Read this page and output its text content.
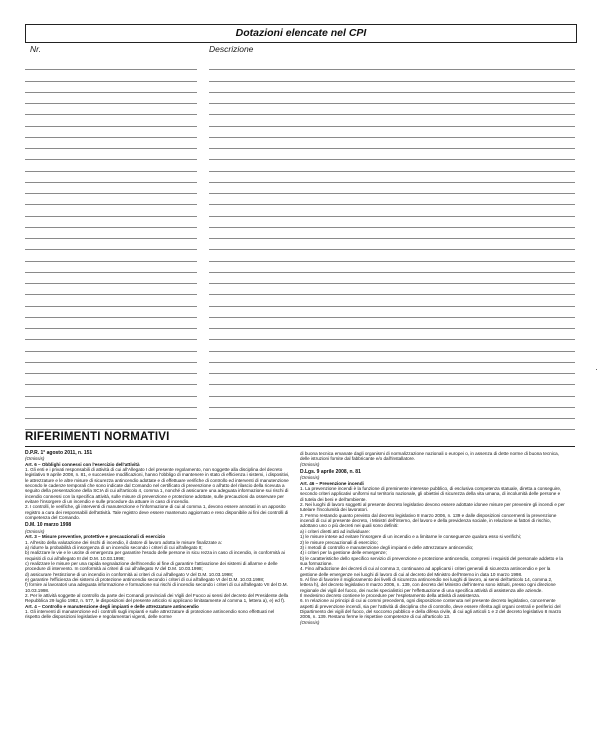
Dotazioni elencate nel CPI
Nr.	Descrizione
RIFERIMENTI NORMATIVI

D.P.R. 1° agosto 2011, n. 151

(Omissis)

Art. 6 – Obblighi connessi con l'esercizio dell'attività

1. Gli enti e i privati responsabili di attività di cui all'Allegato I del presente regolamento, non soggette alla disciplina del decreto legislativo 9 aprile 2008, n. 81, e successive modificazioni, hanno l'obbligo di mantenere in stato di efficienza i sistemi, i dispositivi, le attrezzature e le altre misure di sicurezza antincendio adottate e di effettuare verifiche di controllo ed interventi di manutenzione secondo le cadenze temporali che sono indicate dal Comando nel certificato di prevenzione o all'atto del rilascio della ricevuta a seguito della presentazione della SCIA di cui all'articolo 4, comma 1, nonché di assicurare una adeguata informazione sui rischi di incendio connessi con la specifica attività, sulle misure di prevenzione e protezione adottate, sulle precauzioni da osservare per evitare l'insorgere di un incendio e sulle procedure da attuare in caso di incendio.

2. I controlli, le verifiche, gli interventi di manutenzione e l'informazione di cui al comma 1, devono essere annotati in un apposito registro a cura dei responsabili dell'attività. Tale registro deve essere mantenuto aggiornato e reso disponibile ai fini dei controlli di competenza del Comando.

D.M. 10 marzo 1998

(Omissis)

Art. 3 – Misure preventive, protettive e precauzionali di esercizio

1. All'esito della valutazione dei rischi di incendio, il datore di lavoro adotta le misure finalizzate a:

a) ridurre la probabilità di insorgenza di un incendio secondo i criteri di cui all'allegato II;

b) realizzare le vie e le uscite di emergenza per garantire l'esodo delle persone in sicu rezza in caso di incendio, in conformità ai requisiti di cui all'allegato III del D.M. 10.03.1998;

c) realizzare le misure per una rapida segnalazione dell'incendio al fine di garantire l'attivazione dei sistemi di allarme e delle procedure di intervento. In conformità ai criteri di cui all'allegato IV del D.M. 10.03.1998;

d) assicurare l'estinzione di un incendio in conformità ai criteri di cui all'allegato V del D.M. 10.03.1998;

e) garantire l'efficienza dei sistemi di protezione antincendio secondo i criteri di cui all'allegato VI del D.M. 10.03.1998;

f) fornire ai lavoratori una adeguata informazione e formazione sui rischi di incendio secondo i criteri di cui all'allegato VII del D.M. 10.03.1998.

2. Per le attività soggette al controllo da parte dei Comandi provinciali dei Vigili del Fuoco ai sensi del decreto del Presidente della Repubblica 29 luglio 1982, n. 577, le disposizioni del presente articolo si applicano limitatamente al comma 1, lettera a), e) ed f).

Art. 4 – Controllo e manutenzione degli impianti e delle attrezzature antincendio

1. Gli interventi di manutenzione ed i controlli sugli impianti e sulle attrezzature di protezione antincendio sono effettuati nel rispetto delle disposizioni legislative e regolamentari vigenti, delle norme

di buona tecnica emanate dagli organismi di normalizzazione nazionali o europei o, in assenza di dette norme di buona tecnica, delle istruzioni fornite dal fabbricante e/o dall'installatore.

(Omissis)

D.Lgs. 9 aprile 2008, n. 81

(Omissis)

Art. 46 – Prevenzione incendi

1. La prevenzione incendi è la funzione di preminente interesse pubblico, di esclusiva competenza statuale, diretta a conseguire, secondo criteri applicativi uniformi sul territorio nazionale, gli obiettivi di sicurezza della vita umana, di incolumità delle persone e di tutela dei beni e dell'ambiente.

2. Nei luoghi di lavoro soggetti al presente decreto legislativo devono essere adottate idonee misure per prevenire gli incendi e per tutelare l'incolumità dei lavoratori.

3. Fermo restando quanto previsto dal decreto legislativo 8 marzo 2006, n. 139 e dalle disposizioni concernenti la prevenzione incendi di cui al presente decreto, i Ministri dell'interno, del lavoro e della previdenza sociale, in relazione ai fattori di rischio, adottano uno o più decreti nei quali sono definiti:

a) i criteri diretti atti ad individuare:

1) le misure intese ad evitare l'insorgere di un incendio e a limitarne le conseguenze qualora esso si verifichi;

2) le misure precauzionali di esercizio;

3) i metodi di controllo e manutenzione degli impianti e delle attrezzature antincendio;

4) i criteri per la gestione delle emergenze;

b) le caratteristiche dello specifico servizio di prevenzione e protezione antincendio, compresi i requisiti del personale addetto e la sua formazione.

4. Fino all'adozione dei decreti di cui al comma 3, continuano ad applicarsi i criteri generali di sicurezza antincendio e per la gestione delle emergenze nei luoghi di lavoro di cui al decreto del Ministro dell'Interno in data 10 marzo 1998.

5. Al fine di favorire il miglioramento dei livelli di sicurezza antincendio nei luoghi di lavoro, ai sensi dell'articolo 14, comma 2, lettera h), del decreto legislativo 8 marzo 2006, n. 139, con decreto del Ministro dell'interno sono istituiti, presso ogni direzione regionale dei vigili del fuoco, dei nuclei specialistici per l'effettuazione di una specifica attività di assistenza alle aziende.

Il medesimo decreto contiene le procedure per l'espletamento della attività di assistenza.

6. In relazione ai principi di cui ai commi precedenti, ogni disposizione contenuta nel presente decreto legislativo, concernente aspetti di prevenzione incendi, sia per l'attività di disciplina che di controllo, deve essere riferita agli organi centrali e periferici del Dipartimento dei vigili del fuoco, del soccorso pubblico e della difesa civile, di cui agli articoli 1 e 2 del decreto legislativo 8 marzo 2006, n. 139. Restano ferme le rispettive competenze di cui all'articolo 13.

(Omissis)
